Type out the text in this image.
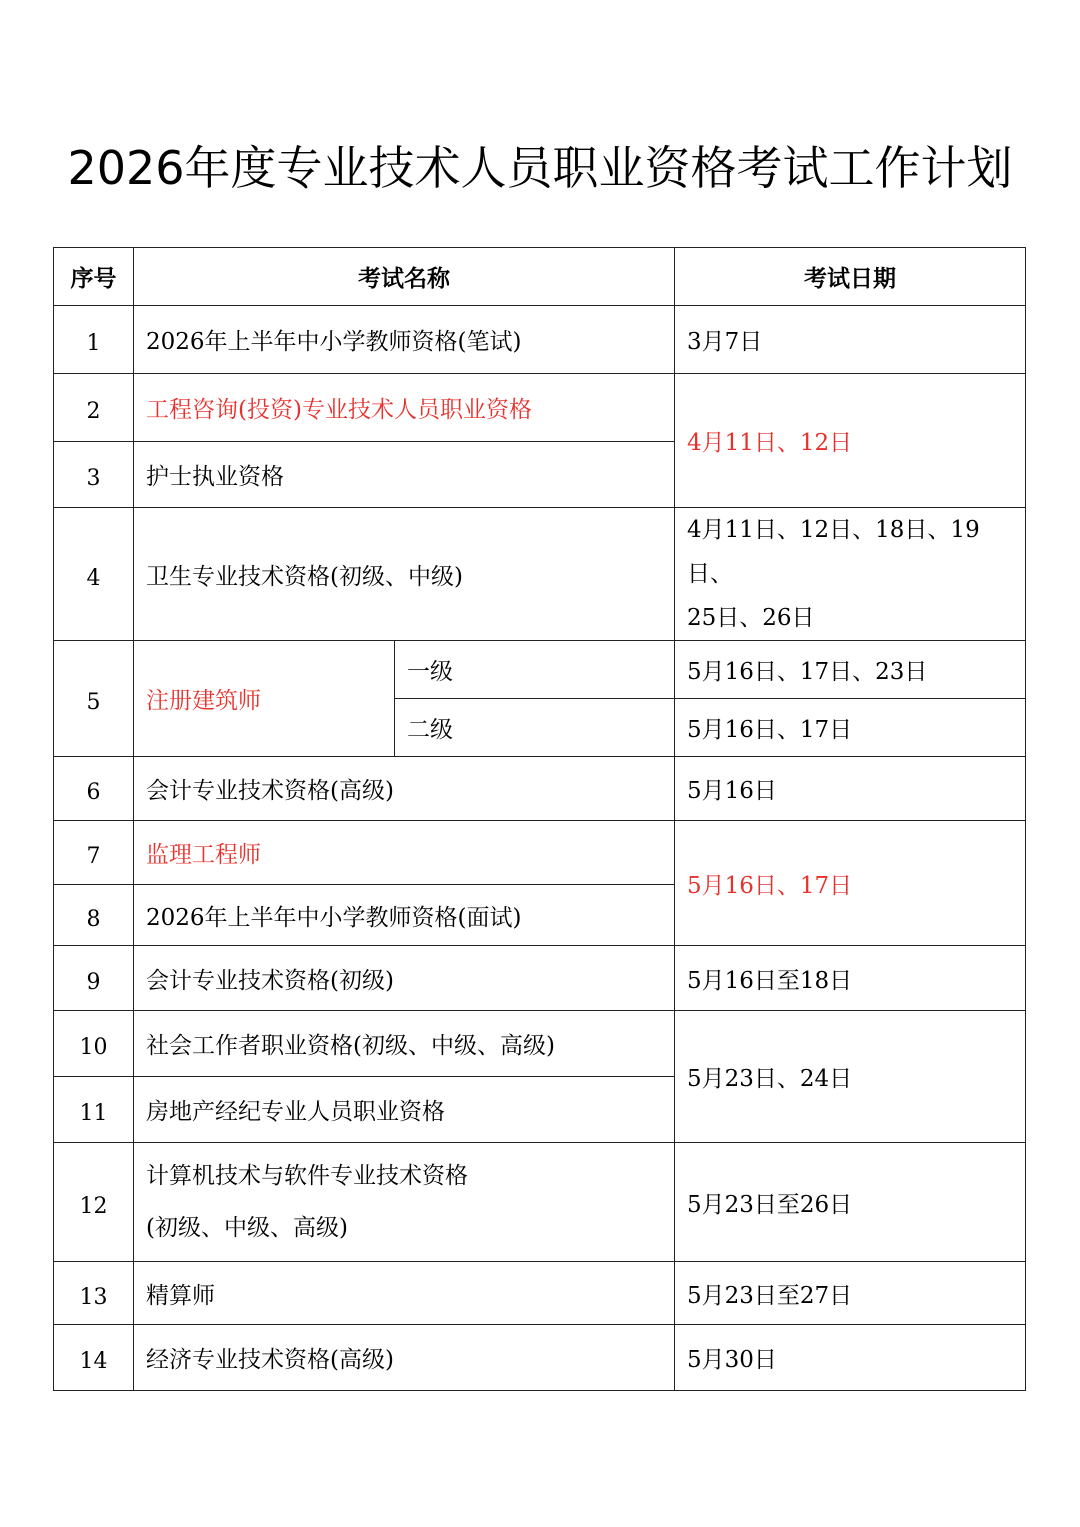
2026年度专业技术人员职业资格考试工作计划
序号	考试名称		考试日期
1	2026年上半年中小学教师资格(笔试)		3月7日
2	工程咨询(投资)专业技术人员职业资格		4月11日、12日
3	护士执业资格		
4	卫生专业技术资格(初级、中级)		4月11日、12日、18日、19日、
25日、26日

5	注册建筑师	一级	5月16日、17日、23日
		二级	5月16日、17日
6	会计专业技术资格(高级)		5月16日
7	监理工程师		5月16日、17日
8	2026年上半年中小学教师资格(面试)		
9	会计专业技术资格(初级)		5月16日至18日
10	社会工作者职业资格(初级、中级、高级)		5月23日、24日
11	房地产经纪专业人员职业资格		
12	计算机技术与软件专业技术资格
(初级、中级、高级)		5月23日至26日
13	精算师		5月23日至27日
14	经济专业技术资格(高级)		5月30日
